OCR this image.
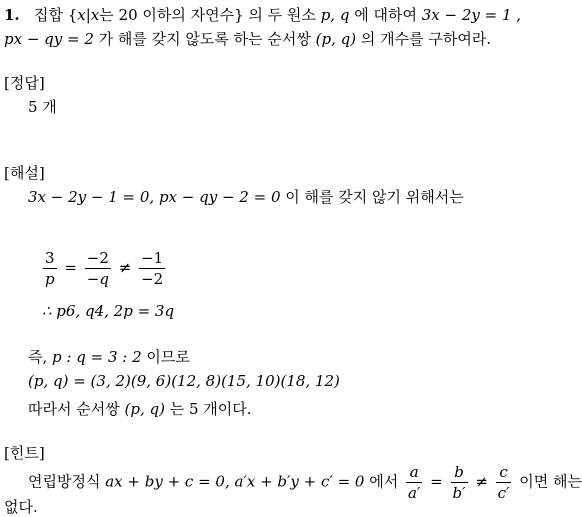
1. 집합 {x|x는 20 이하의 자연수} 의 두 원소 p, q 에 대하여 3x − 2y = 1 ,
px − qy = 2 가 해를 갖지 않도록 하는 순서쌍 (p, q) 의 개수를 구하여라.
[정답]
5 개
[해설]
3x − 2y − 1 = 0, px − qy − 2 = 0 이 해를 갖지 않기 위해서는
$\frac{3}{p} = \frac{-2}{-q} \ne \frac{-1}{-2}$
∴ p6, q4, 2p = 3q
즉, p : q = 3 : 2 이므로
(p, q) = (3, 2)(9, 6)(12, 8)(15, 10)(18, 12)
따라서 순서쌍 (p, q) 는 5 개이다.
[힌트]
연립방정식 ax + by + c = 0, a′x + b′y + c′ = 0 에서 $\frac{a}{a'} = \frac{b}{b'} \ne \frac{c}{c'}$ 이면 해는
없다.
